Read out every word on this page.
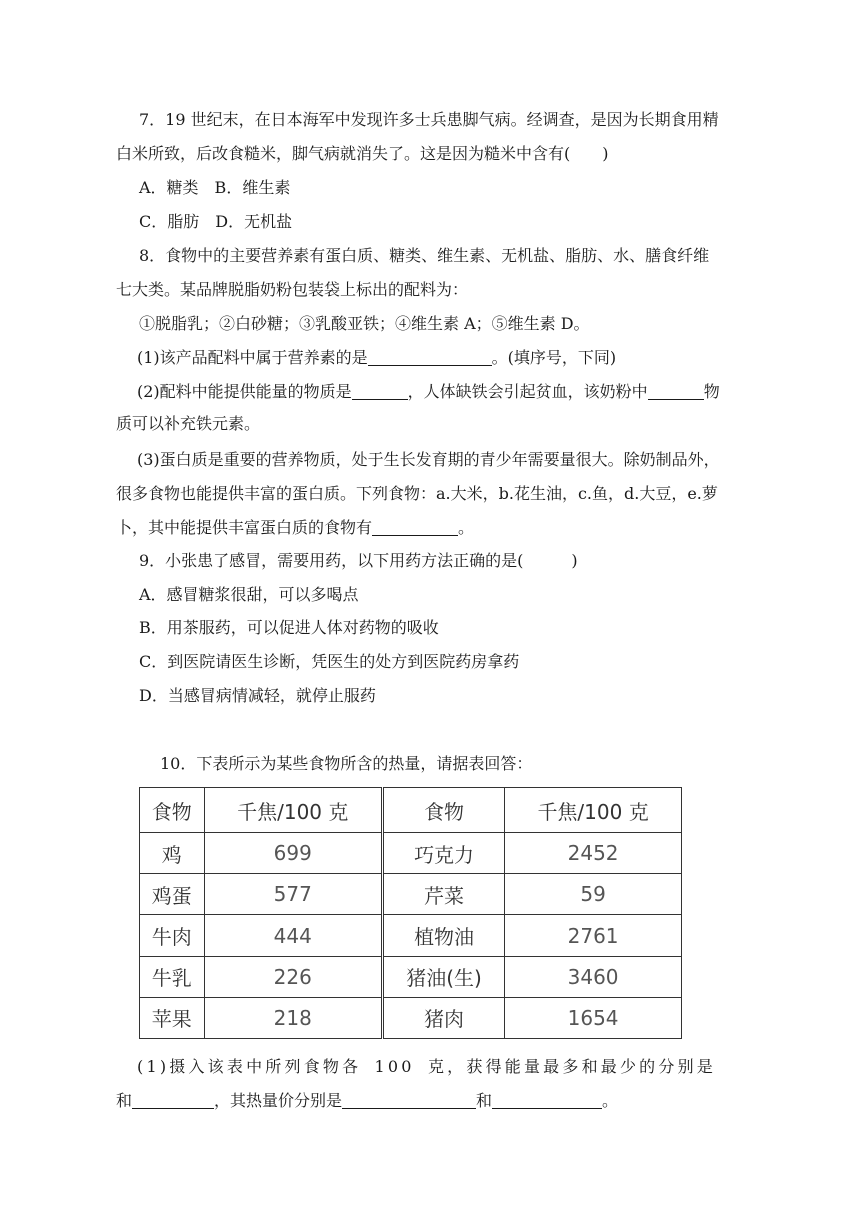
7．19 世纪末，在日本海军中发现许多士兵患脚气病。经调查，是因为长期食用精
白米所致，后改食糙米，脚气病就消失了。这是因为糙米中含有(　　)
A．糖类　B．维生素
C．脂肪　D．无机盐
8．食物中的主要营养素有蛋白质、糖类、维生素、无机盐、脂肪、水、膳食纤维
七大类。某品牌脱脂奶粉包装袋上标出的配料为：
①脱脂乳；②白砂糖；③乳酸亚铁；④维生素 A；⑤维生素 D。
(1)该产品配料中属于营养素的是	。(填序号，下同)
(2)配料中能提供能量的物质是	，人体缺铁会引起贫血，该奶粉中	物
质可以补充铁元素。
(3)蛋白质是重要的营养物质，处于生长发育期的青少年需要量很大。除奶制品外，
很多食物也能提供丰富的蛋白质。下列食物：a.大米，b.花生油，c.鱼，d.大豆，e.萝
卜，其中能提供丰富蛋白质的食物有	。
9．小张患了感冒，需要用药，以下用药方法正确的是(　　　)
A．感冒糖浆很甜，可以多喝点
B．用茶服药，可以促进人体对药物的吸收
C．到医院请医生诊断，凭医生的处方到医院药房拿药
D．当感冒病情减轻，就停止服药
10．下表所示为某些食物所含的热量，请据表回答：
食物	千焦/100 克	食物	千焦/100 克
鸡	699	巧克力	2452
鸡蛋	577	芹菜	59
牛肉	444	植物油	2761
牛乳	226	猪油(生)	3460
苹果	218	猪肉	1654
(1)摄入该表中所列食物各 100 克，获得能量最多和最少的分别是
和	，其热量价分别是	和	。
